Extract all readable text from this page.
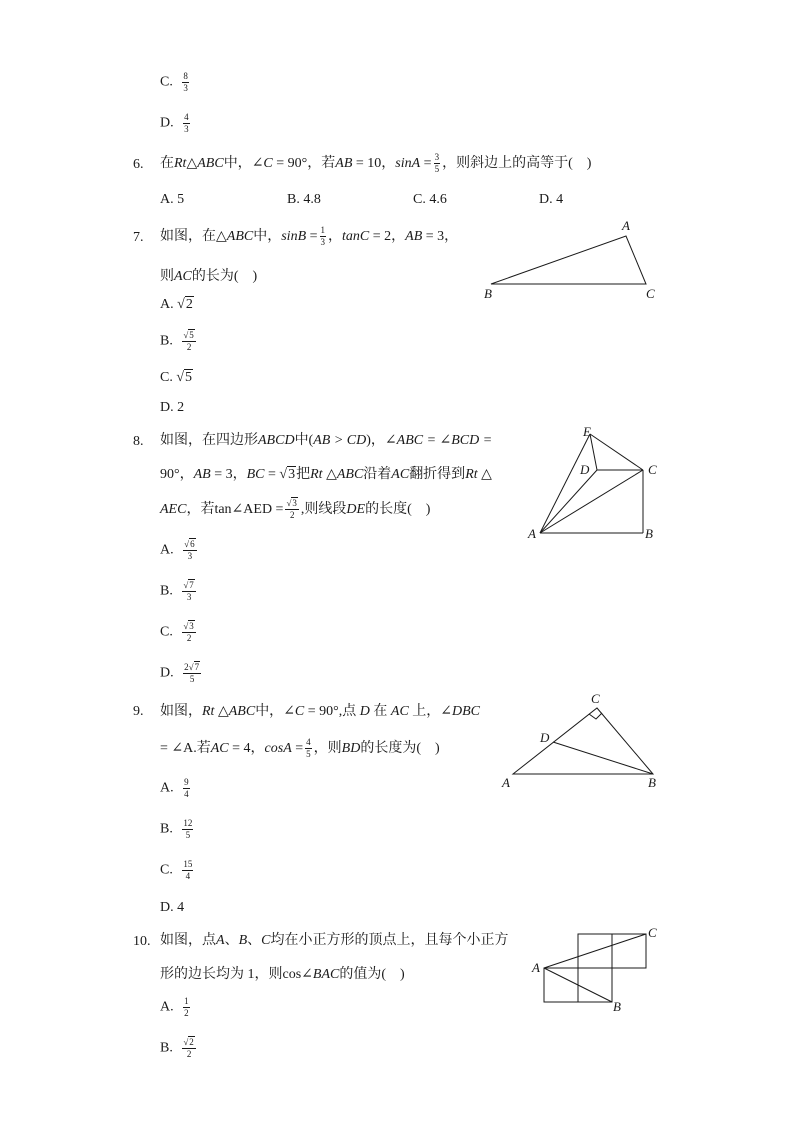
C. $\frac{8}{3}$
D. $\frac{4}{3}$
6. 在Rt△ABC中，∠C = 90°，若AB = 10，$\sin A = \frac{3}{5}$ ，则斜边上的高等于(　)
A. 5	B. 4.8	C. 4.6	D. 4
7. 如图，在△ABC中，$\sin B = \frac{1}{3}$ ，tanC = 2，AB = 3，
则AC的长为(　)
A. √2
B. $\frac{√5}{2}$
C. √5
D. 2
A
B	C
8. 如图，在四边形ABCD中(AB > CD)，∠ABC = ∠BCD =
90°，AB = 3，BC = √3把Rt △ABC沿着AC翻折得到Rt △
AEC，若tan∠AED = $\frac{√3}{2}$ ,则线段DE的长度(　)
A. $\frac{√6}{3}$
B. $\frac{√7}{3}$
C. $\frac{√3}{2}$
D. $\frac{2√7}{5}$
E
D	C
A	B
9. 如图，Rt △ABC中，∠C = 90°,点 D 在 AC 上，∠DBC
= ∠A.若AC = 4，$\cos A = \frac{4}{5}$ ，则BD的长度为(　)
A. $\frac{9}{4}$
B. $\frac{12}{5}$
C. $\frac{15}{4}$
D. 4
C
D
A	B
10. 如图，点A、B、C均在小正方形的顶点上，且每个小正方
形的边长均为 1，则cos∠BAC的值为(　)
A. $\frac{1}{2}$
B. $\frac{√2}{2}$
A
C
B
